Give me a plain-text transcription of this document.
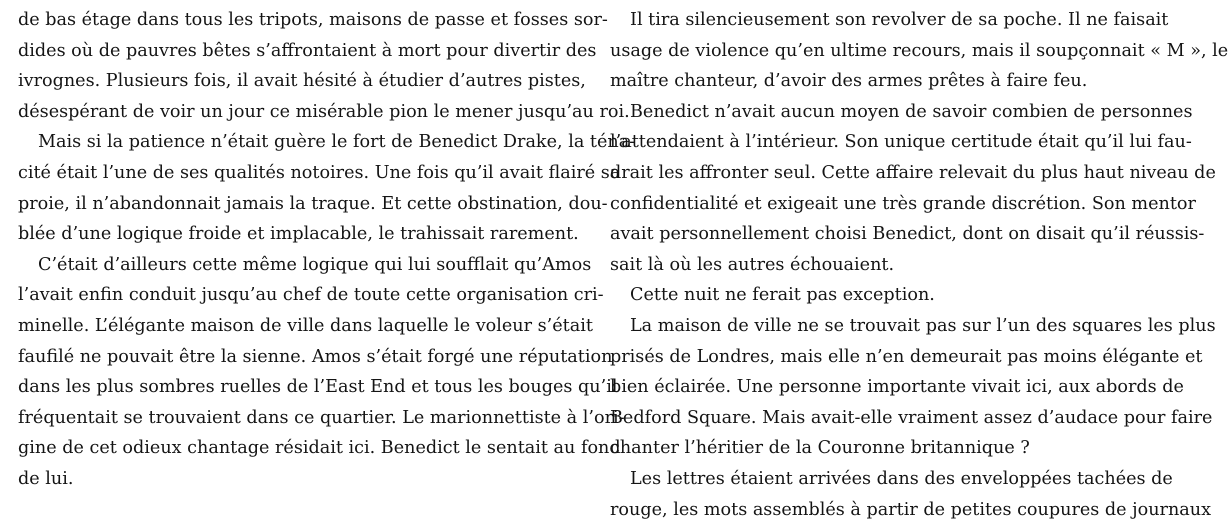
de bas étage dans tous les tripots, maisons de passe et fosses sor-
dides où de pauvres bêtes s’affrontaient à mort pour divertir des
ivrognes. Plusieurs fois, il avait hésité à étudier d’autres pistes,
désespérant de voir un jour ce misérable pion le mener jusqu’au roi.
Mais si la patience n’était guère le fort de Benedict Drake, la téna-
cité était l’une de ses qualités notoires. Une fois qu’il avait flairé sa
proie, il n’abandonnait jamais la traque. Et cette obstination, dou-
blée d’une logique froide et implacable, le trahissait rarement.
C’était d’ailleurs cette même logique qui lui soufflait qu’Amos
l’avait enfin conduit jusqu’au chef de toute cette organisation cri-
minelle. L’élégante maison de ville dans laquelle le voleur s’était
faufilé ne pouvait être la sienne. Amos s’était forgé une réputation
dans les plus sombres ruelles de l’East End et tous les bouges qu’il
fréquentait se trouvaient dans ce quartier. Le marionnettiste à l’ori-
gine de cet odieux chantage résidait ici. Benedict le sentait au fond
de lui.
Il tira silencieusement son revolver de sa poche. Il ne faisait
usage de violence qu’en ultime recours, mais il soupçonnait « M », le
maître chanteur, d’avoir des armes prêtes à faire feu.
Benedict n’avait aucun moyen de savoir combien de personnes
l’attendaient à l’intérieur. Son unique certitude était qu’il lui fau-
drait les affronter seul. Cette affaire relevait du plus haut niveau de
confidentialité et exigeait une très grande discrétion. Son mentor
avait personnellement choisi Benedict, dont on disait qu’il réussis-
sait là où les autres échouaient.
Cette nuit ne ferait pas exception.
La maison de ville ne se trouvait pas sur l’un des squares les plus
prisés de Londres, mais elle n’en demeurait pas moins élégante et
bien éclairée. Une personne importante vivait ici, aux abords de
Bedford Square. Mais avait-elle vraiment assez d’audace pour faire
chanter l’héritier de la Couronne britannique ?
Les lettres étaient arrivées dans des enveloppées tachées de
rouge, les mots assemblés à partir de petites coupures de journaux
